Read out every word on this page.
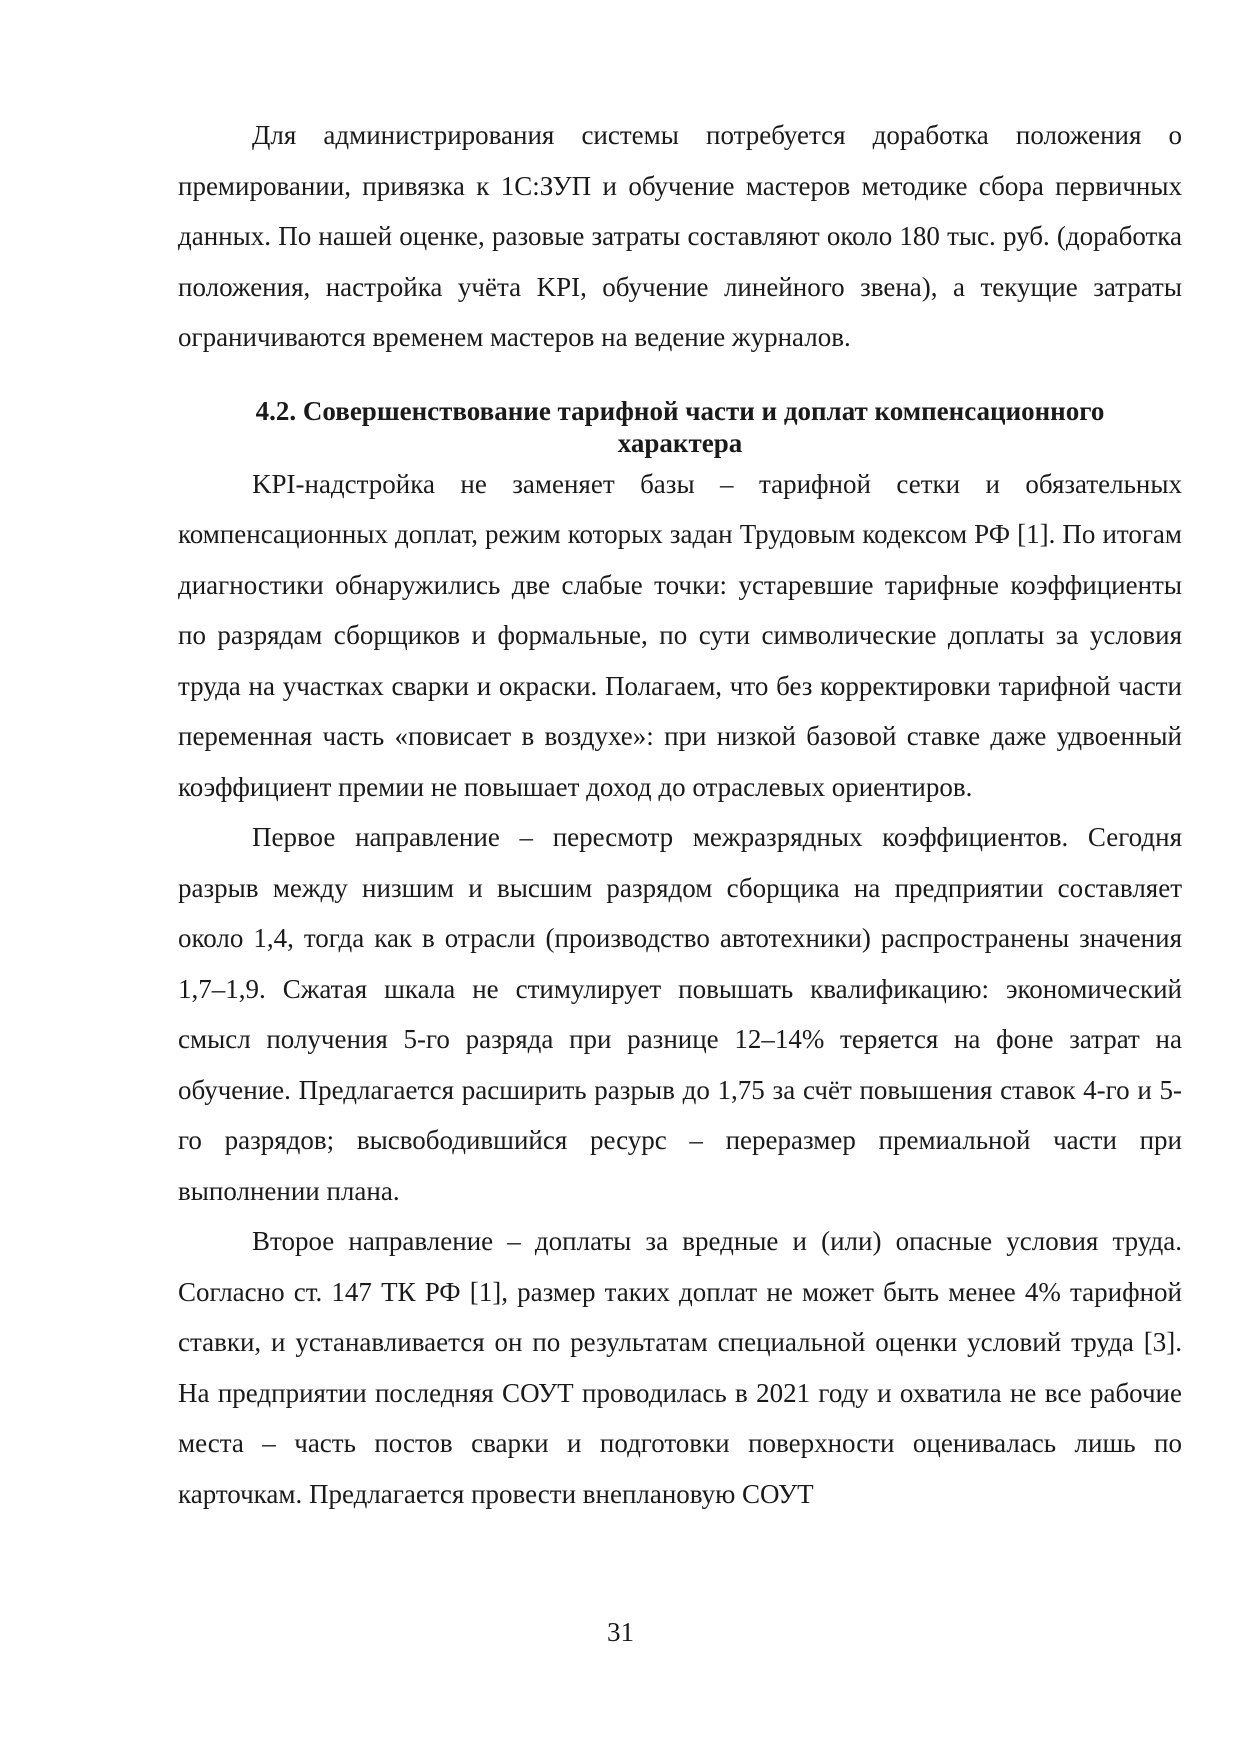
Для администрирования системы потребуется доработка положения о премировании, привязка к 1С:ЗУП и обучение мастеров методике сбора первичных данных. По нашей оценке, разовые затраты составляют около 180 тыс. руб. (доработка положения, настройка учёта KPI, обучение линейного звена), а текущие затраты ограничиваются временем мастеров на ведение журналов.

4.2. Совершенствование тарифной части и доплат компенсационного характера

KPI-надстройка не заменяет базы – тарифной сетки и обязательных компенсационных доплат, режим которых задан Трудовым кодексом РФ [1]. По итогам диагностики обнаружились две слабые точки: устаревшие тарифные коэффициенты по разрядам сборщиков и формальные, по сути символические доплаты за условия труда на участках сварки и окраски. Полагаем, что без корректировки тарифной части переменная часть «повисает в воздухе»: при низкой базовой ставке даже удвоенный коэффициент премии не повышает доход до отраслевых ориентиров.

Первое направление – пересмотр межразрядных коэффициентов. Сегодня разрыв между низшим и высшим разрядом сборщика на предприятии составляет около 1,4, тогда как в отрасли (производство автотехники) распространены значения 1,7–1,9. Сжатая шкала не стимулирует повышать квалификацию: экономический смысл получения 5-го разряда при разнице 12–14% теряется на фоне затрат на обучение. Предлагается расширить разрыв до 1,75 за счёт повышения ставок 4-го и 5-го разрядов; высвободившийся ресурс – переразмер премиальной части при выполнении плана.

Второе направление – доплаты за вредные и (или) опасные условия труда. Согласно ст. 147 ТК РФ [1], размер таких доплат не может быть менее 4% тарифной ставки, и устанавливается он по результатам специальной оценки условий труда [3]. На предприятии последняя СОУТ проводилась в 2021 году и охватила не все рабочие места – часть постов сварки и подготовки поверхности оценивалась лишь по карточкам. Предлагается провести внеплановую СОУТ

31
